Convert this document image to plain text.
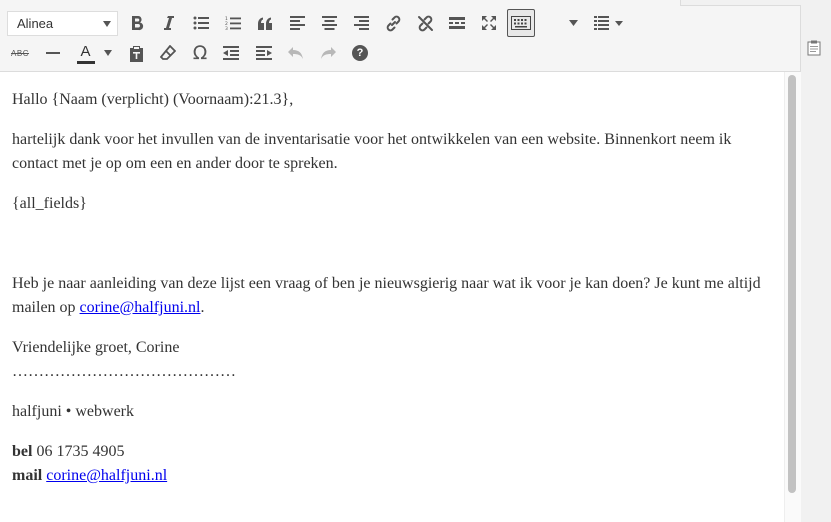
Alinea	1
2
3
ABC	A	Ω	?

Hallo {Naam (verplicht) (Voornaam):21.3},

hartelijk dank voor het invullen van de inventarisatie voor het ontwikkelen van een website. Binnenkort neem ik contact met je op om een en ander door te spreken.

{all_fields}

Heb je naar aanleiding van deze lijst een vraag of ben je nieuwsgierig naar wat ik voor je kan doen? Je kunt me altijd mailen op corine@halfjuni.nl.

Vriendelijke groet, Corine
……………………………………

halfjuni • webwerk

bel 06 1735 4905
mail corine@halfjuni.nl
